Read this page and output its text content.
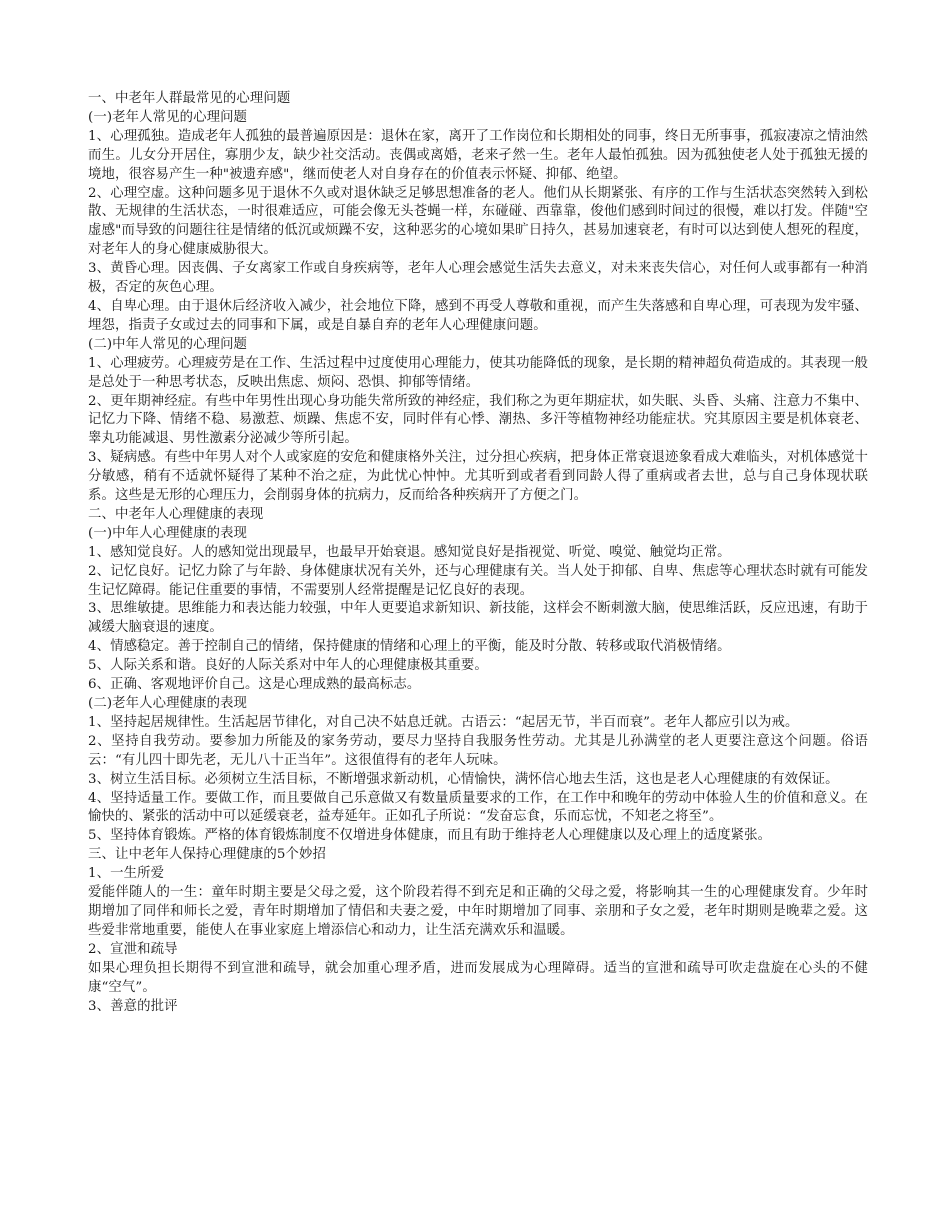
一、中老年人群最常见的心理问题

(一)老年人常见的心理问题

1、心理孤独。造成老年人孤独的最普遍原因是：退休在家，离开了工作岗位和长期相处的同事，终日无所事事，孤寂凄凉之情油然而生。儿女分开居住，寡朋少友，缺少社交活动。丧偶或离婚，老来孑然一生。老年人最怕孤独。因为孤独使老人处于孤独无援的境地，很容易产生一种"被遗弃感"，继而使老人对自身存在的价值表示怀疑、抑郁、绝望。

2、心理空虚。这种问题多见于退休不久或对退休缺乏足够思想准备的老人。他们从长期紧张、有序的工作与生活状态突然转入到松散、无规律的生活状态，一时很难适应，可能会像无头苍蝇一样，东碰碰、西靠靠，俊他们感到时间过的很慢，难以打发。伴随"空虚感"而导致的问题往往是情绪的低沉或烦躁不安，这种恶劣的心境如果旷日持久，甚易加速衰老，有时可以达到使人想死的程度，对老年人的身心健康威胁很大。

3、黄昏心理。因丧偶、子女离家工作或自身疾病等，老年人心理会感觉生活失去意义，对未来丧失信心，对任何人或事都有一种消极，否定的灰色心理。

4、自卑心理。由于退休后经济收入减少，社会地位下降，感到不再受人尊敬和重视，而产生失落感和自卑心理，可表现为发牢骚、埋怨，指责子女或过去的同事和下属，或是自暴自弃的老年人心理健康问题。

(二)中年人常见的心理问题

1、心理疲劳。心理疲劳是在工作、生活过程中过度使用心理能力，使其功能降低的现象，是长期的精神超负荷造成的。其表现一般是总处于一种思考状态，反映出焦虑、烦闷、恐惧、抑郁等情绪。

2、更年期神经症。有些中年男性出现心身功能失常所致的神经症，我们称之为更年期症状，如失眠、头昏、头痛、注意力不集中、记忆力下降、情绪不稳、易激惹、烦躁、焦虑不安，同时伴有心悸、潮热、多汗等植物神经功能症状。究其原因主要是机体衰老、睾丸功能减退、男性激素分泌减少等所引起。

3、疑病感。有些中年男人对个人或家庭的安危和健康格外关注，过分担心疾病，把身体正常衰退迹象看成大难临头，对机体感觉十分敏感，稍有不适就怀疑得了某种不治之症，为此忧心忡忡。尤其听到或者看到同龄人得了重病或者去世，总与自己身体现状联系。这些是无形的心理压力，会削弱身体的抗病力，反而给各种疾病开了方便之门。

二、中老年人心理健康的表现

(一)中年人心理健康的表现

1、感知觉良好。人的感知觉出现最早，也最早开始衰退。感知觉良好是指视觉、听觉、嗅觉、触觉均正常。

2、记忆良好。记忆力除了与年龄、身体健康状况有关外，还与心理健康有关。当人处于抑郁、自卑、焦虑等心理状态时就有可能发生记忆障碍。能记住重要的事情，不需要别人经常提醒是记忆良好的表现。

3、思维敏捷。思维能力和表达能力较强，中年人更要追求新知识、新技能，这样会不断刺激大脑，使思维活跃，反应迅速，有助于减缓大脑衰退的速度。

4、情感稳定。善于控制自己的情绪，保持健康的情绪和心理上的平衡，能及时分散、转移或取代消极情绪。

5、人际关系和谐。良好的人际关系对中年人的心理健康极其重要。

6、正确、客观地评价自己。这是心理成熟的最高标志。

(二)老年人心理健康的表现

1、坚持起居规律性。生活起居节律化，对自己决不姑息迁就。古语云：“起居无节，半百而衰”。老年人都应引以为戒。

2、坚持自我劳动。要参加力所能及的家务劳动，要尽力坚持自我服务性劳动。尤其是儿孙满堂的老人更要注意这个问题。俗语云：“有儿四十即先老，无儿八十正当年”。这很值得有的老年人玩味。

3、树立生活目标。必须树立生活目标，不断增强求新动机，心情愉快，满怀信心地去生活，这也是老人心理健康的有效保证。

4、坚持适量工作。要做工作，而且要做自己乐意做又有数量质量要求的工作，在工作中和晚年的劳动中体验人生的价值和意义。在愉快的、紧张的活动中可以延缓衰老，益寿延年。正如孔子所说：“发奋忘食，乐而忘忧，不知老之将至”。

5、坚持体育锻炼。严格的体育锻炼制度不仅增进身体健康，而且有助于维持老人心理健康以及心理上的适度紧张。

三、让中老年人保持心理健康的5个妙招

1、一生所爱

爱能伴随人的一生：童年时期主要是父母之爱，这个阶段若得不到充足和正确的父母之爱，将影响其一生的心理健康发育。少年时期增加了同伴和师长之爱，青年时期增加了情侣和夫妻之爱，中年时期增加了同事、亲朋和子女之爱，老年时期则是晚辈之爱。这些爱非常地重要，能使人在事业家庭上增添信心和动力，让生活充满欢乐和温暖。

2、宣泄和疏导

如果心理负担长期得不到宣泄和疏导，就会加重心理矛盾，进而发展成为心理障碍。适当的宣泄和疏导可吹走盘旋在心头的不健康“空气”。

3、善意的批评
